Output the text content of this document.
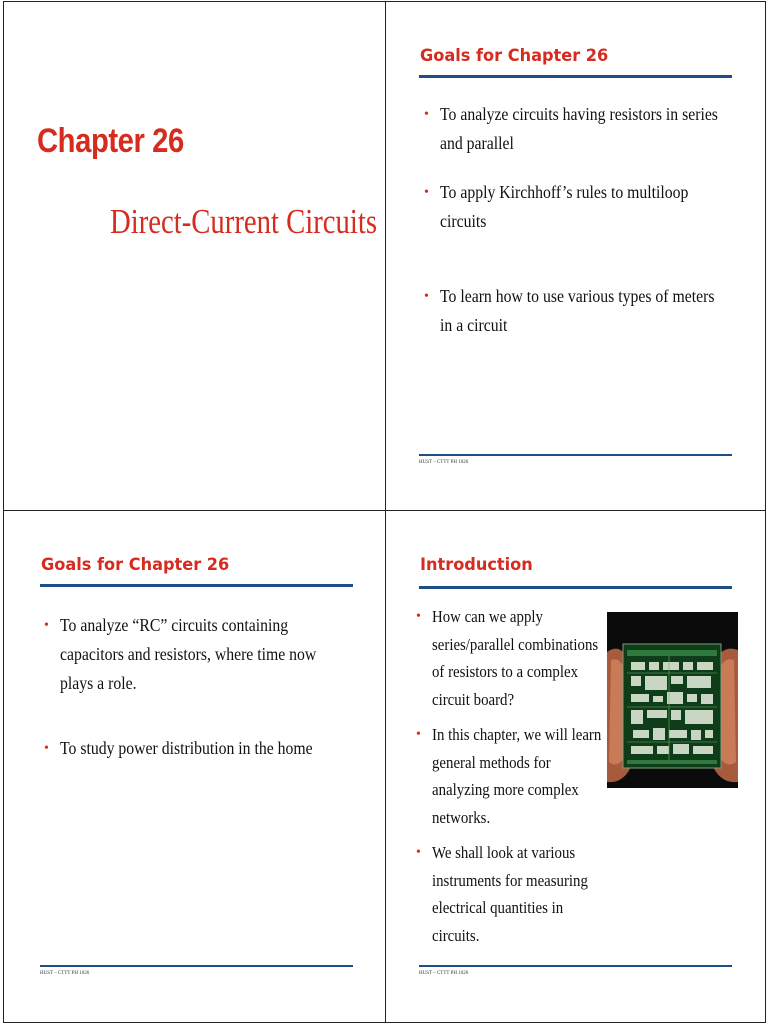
Chapter 26
Direct-Current Circuits
Goals for Chapter 26
• To analyze circuits having resistors in series and parallel
• To apply Kirchhoff’s rules to multiloop circuits
• To learn how to use various types of meters in a circuit
HUST – CTTT PH 1026
Goals for Chapter 26
• To analyze “RC” circuits containing capacitors and resistors, where time now plays a role.
• To study power distribution in the home
HUST – CTTT PH 1026
Introduction
• How can we apply series/parallel combinations of resistors to a complex circuit board?
• In this chapter, we will learn general methods for analyzing more complex networks.
• We shall look at various instruments for measuring electrical quantities in circuits.
HUST – CTTT PH 1026
